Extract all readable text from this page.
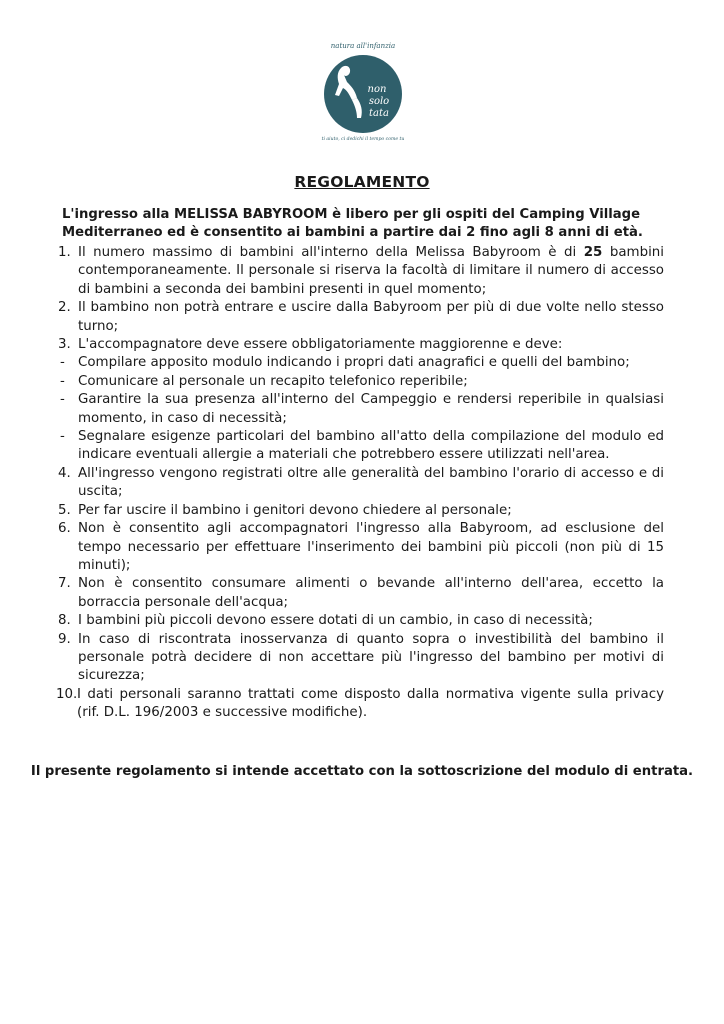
natura all'infanzia
non
solo
tata
ti aiuto, ci dedichi il tempo come tu
REGOLAMENTO
L'ingresso alla MELISSA BABYROOM è libero per gli ospiti del Camping Village Mediterraneo ed è consentito ai bambini a partire dai 2 fino agli 8 anni di età.
1. Il numero massimo di bambini all'interno della Melissa Babyroom è di 25 bambini contemporaneamente. Il personale si riserva la facoltà di limitare il numero di accesso di bambini a seconda dei bambini presenti in quel momento;
2. Il bambino non potrà entrare e uscire dalla Babyroom per più di due volte nello stesso turno;
3. L'accompagnatore deve essere obbligatoriamente maggiorenne e deve:
- Compilare apposito modulo indicando i propri dati anagrafici e quelli del bambino;
- Comunicare al personale un recapito telefonico reperibile;
- Garantire la sua presenza all'interno del Campeggio e rendersi reperibile in qualsiasi momento, in caso di necessità;
- Segnalare esigenze particolari del bambino all'atto della compilazione del modulo ed indicare eventuali allergie a materiali che potrebbero essere utilizzati nell'area.
4. All'ingresso vengono registrati oltre alle generalità del bambino l'orario di accesso e di uscita;
5. Per far uscire il bambino i genitori devono chiedere al personale;
6. Non è consentito agli accompagnatori l'ingresso alla Babyroom, ad esclusione del tempo necessario per effettuare l'inserimento dei bambini più piccoli (non più di 15 minuti);
7. Non è consentito consumare alimenti o bevande all'interno dell'area, eccetto la borraccia personale dell'acqua;
8. I bambini più piccoli devono essere dotati di un cambio, in caso di necessità;
9. In caso di riscontrata inosservanza di quanto sopra o investibilità del bambino il personale potrà decidere di non accettare più l'ingresso del bambino per motivi di sicurezza;
10. I dati personali saranno trattati come disposto dalla normativa vigente sulla privacy (rif. D.L. 196/2003 e successive modifiche).
Il presente regolamento si intende accettato con la sottoscrizione del modulo di entrata.
